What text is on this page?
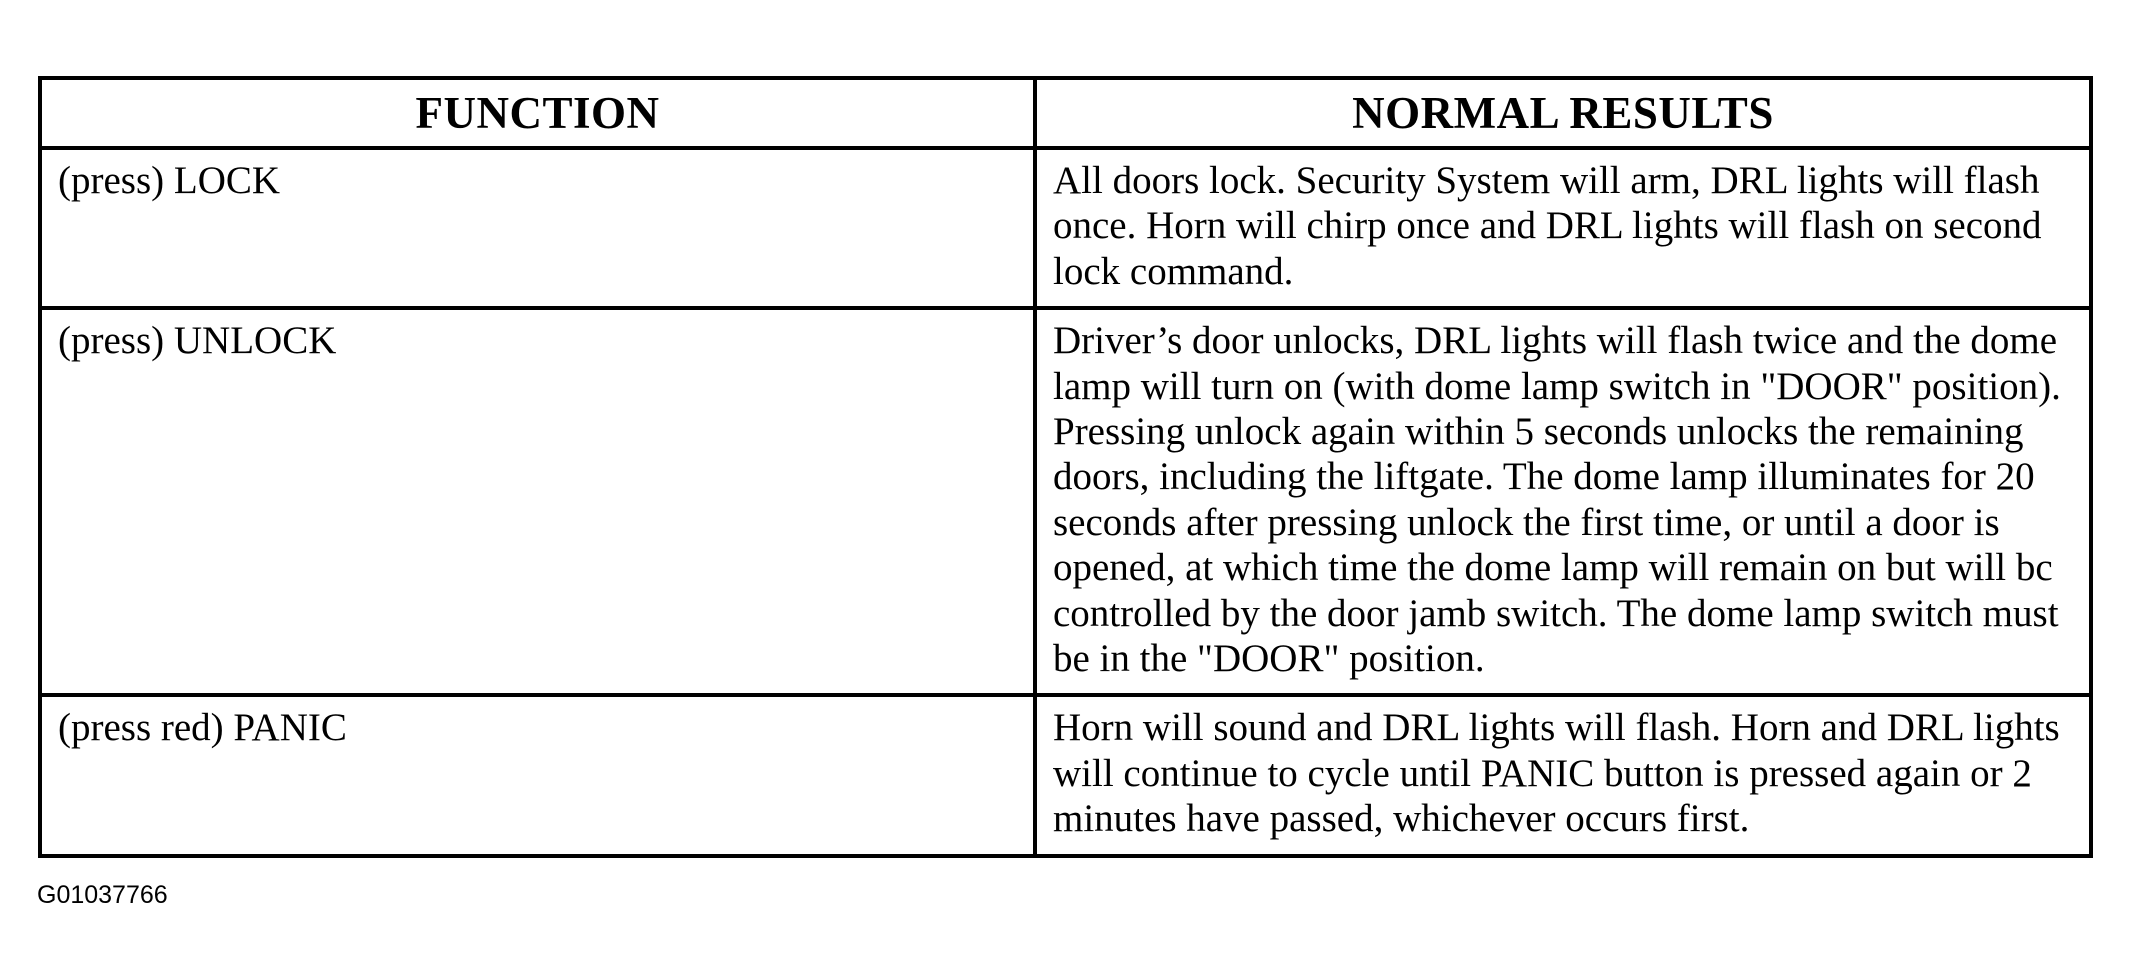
FUNCTION	NORMAL RESULTS
(press) LOCK	All doors lock. Security System will arm, DRL lights will flash once. Horn will chirp once and DRL lights will flash on second lock command.
(press) UNLOCK	Driver’s door unlocks, DRL lights will flash twice and the dome lamp will turn on (with dome lamp switch in "DOOR" position). Pressing unlock again within 5 seconds unlocks the remaining doors, including the liftgate. The dome lamp illuminates for 20 seconds after pressing unlock the first time, or until a door is opened, at which time the dome lamp will remain on but will bc controlled by the door jamb switch. The dome lamp switch must be in the "DOOR" position.
(press red) PANIC	Horn will sound and DRL lights will flash. Horn and DRL lights will continue to cycle until PANIC button is pressed again or 2 minutes have passed, whichever occurs first.
G01037766
